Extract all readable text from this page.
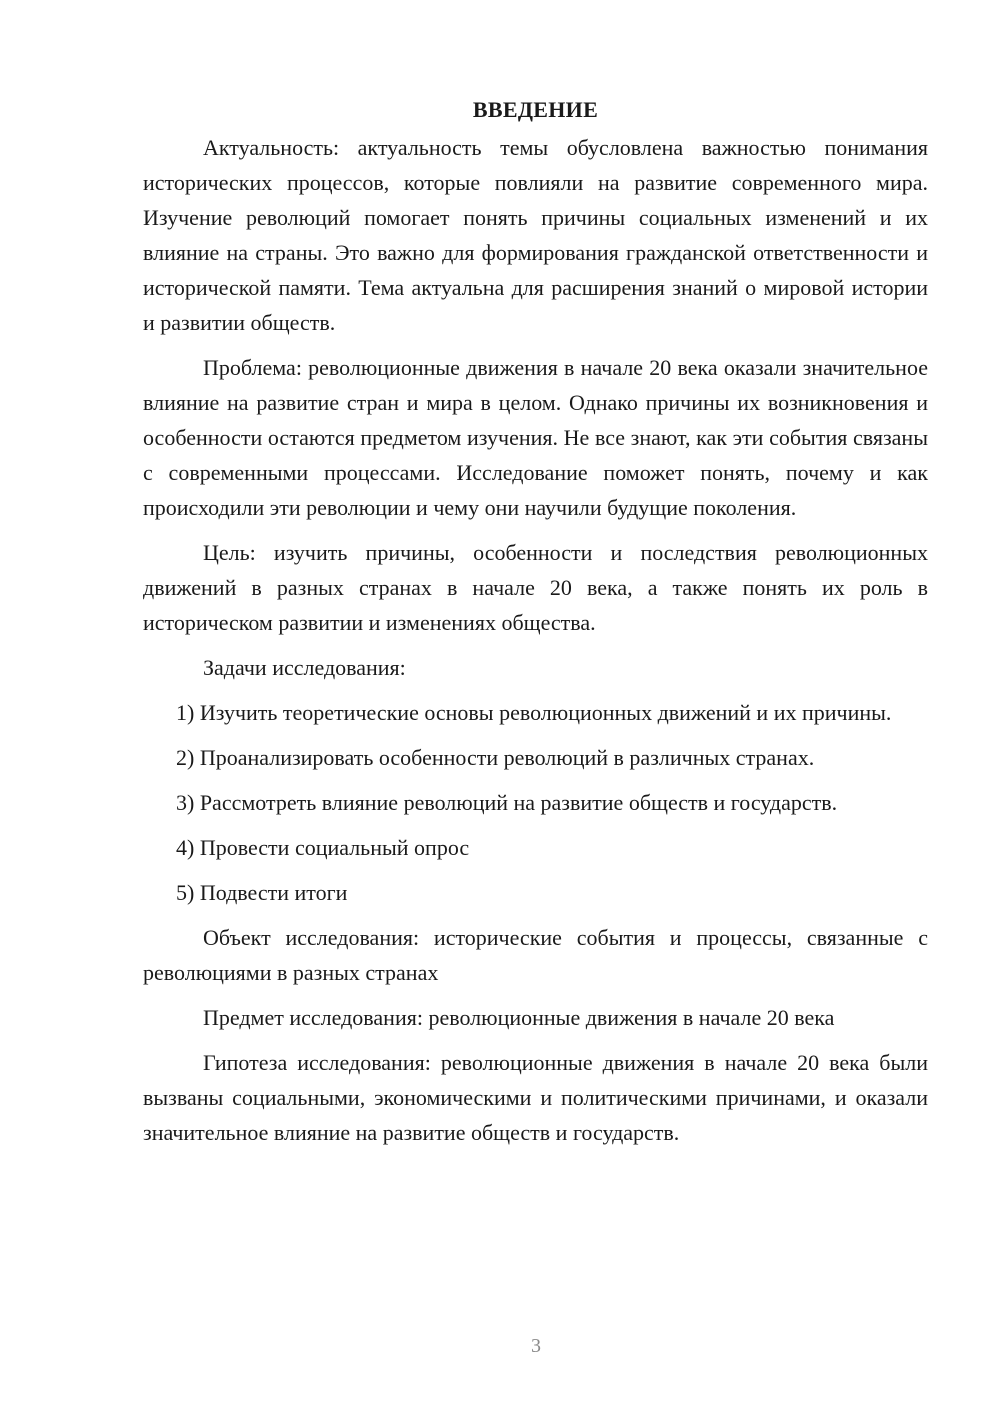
ВВЕДЕНИЕ
Актуальность: актуальность темы обусловлена важностью понимания исторических процессов, которые повлияли на развитие современного мира. Изучение революций помогает понять причины социальных изменений и их влияние на страны. Это важно для формирования гражданской ответственности и исторической памяти. Тема актуальна для расширения знаний о мировой истории и развитии обществ.
Проблема: революционные движения в начале 20 века оказали значительное влияние на развитие стран и мира в целом. Однако причины их возникновения и особенности остаются предметом изучения. Не все знают, как эти события связаны с современными процессами. Исследование поможет понять, почему и как происходили эти революции и чему они научили будущие поколения.
Цель: изучить причины, особенности и последствия революционных движений в разных странах в начале 20 века, а также понять их роль в историческом развитии и изменениях общества.
Задачи исследования:
1) Изучить теоретические основы революционных движений и их причины.
2) Проанализировать особенности революций в различных странах.
3) Рассмотреть влияние революций на развитие обществ и государств.
4) Провести социальный опрос
5) Подвести итоги
Объект исследования: исторические события и процессы, связанные с революциями в разных странах
Предмет исследования: революционные движения в начале 20 века
Гипотеза исследования: революционные движения в начале 20 века были вызваны социальными, экономическими и политическими причинами, и оказали значительное влияние на развитие обществ и государств.
3
